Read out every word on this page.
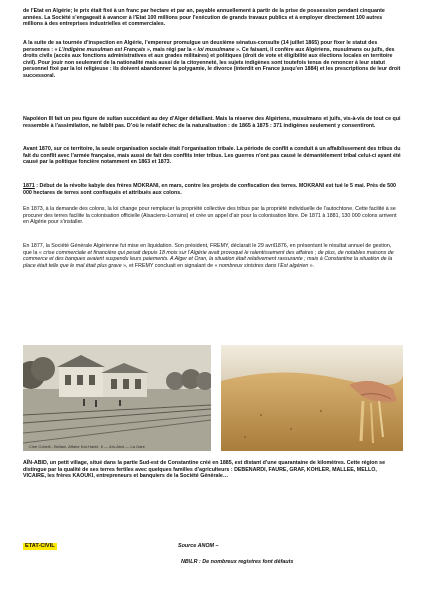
de l’Etat en Algérie; le prix était fixé à un franc par hectare et par an, payable annuellement à partir de la prise de possession pendant cinquante années. La Société s’engageait à avancer à l’Etat 100 millions pour l’exécution de grands travaux publics et à employer directement 100 autres millions à des entreprises industrielles et commerciales.

A la suite de sa tournée d’inspection en Algérie, l’empereur promulgue un deuxième sénatus-consulte (14 juillet 1865) pour fixer le statut des personnes : « L’indigène musulman est Français », mais régi par la « loi musulmane ». Ce faisant, il confère aux Algériens, musulmans ou juifs, des droits civils (accès aux fonctions administratives et aux grades militaires) et politiques (droit de vote et éligibilité aux élections locales en territoire civil). Pour jouir non seulement de la nationalité mais aussi de la citoyenneté, les sujets indigènes sont toutefois tenus de renoncer à leur statut personnel fixé par la loi religieuse : ils doivent abandonner la polygamie, le divorce (interdit en France jusqu’en 1884) et les prescriptions de leur droit successoral.

Napoléon III fait un peu figure de sultan succédant au dey d’Alger défaillant. Mais la réserve des Algériens, musulmans et juifs, vis-à-vis de tout ce qui ressemble à l’assimilation, ne faiblit pas. D’où le relatif échec de la naturalisation : de 1865 à 1875 : 371 indigènes seulement y consentiront.

Avant 1870, sur ce territoire, la seule organisation sociale était l’organisation tribale. La période de conflit a conduit à un affaiblissement des tribus du fait du conflit avec l’armée française, mais aussi de fait des conflits inter tribus. Les guerres n’ont pas causé le démantèlement tribal celui-ci ayant été causé par la politique foncière notamment en 1863 et 1873.

1871 : Début de la révolte kabyle des frères MOKRANI, en mars, contre les projets de confiscation des terres. MOKRANI est tué le 5 mai. Près de 500 000 hectares de terres sont confisqués et attribués aux colons.

En 1873, à la demande des colons, la loi change pour remplacer la propriété collective des tribus par la propriété individuelle de l’autochtone. Cette facilité à se procurer des terres facilite la colonisation officielle (Alsaciens-Lorrains) et crée un appel d’air pour la colonisation libre. De 1871 à 1881, 130 000 colons arrivent en Algérie pour s’installer.

En 1877, la Société Générale Algérienne fut mise en liquidation. Son président, FREMY, déclarait le 29 avril1876, en présentant le résultat annuel de gestion, que la « crise commerciale et financière qui pesait depuis 18 mois sur l’Algérie avait provoqué le ralentissement des affaires ; de plus, de notables maisons de commerce et des banques avaient suspendu leurs paiements. A Alger et Oran, la situation était relativement rassurante ; mais à Constantine la situation de la place était telle que le mal était plus grave », et FREMY concluait en signalant de « nombreux sinistres dans l’Est algérien ».

Ciné Cobelli - Bellani. Affaire Kat-Hanlé. 6 — Aïn-Abid — La Gare

AÏN-ABID, un petit village, situé dans la partie Sud-est de Constantine créé en 1885, est distant d’une quarantaine de kilomètres. Cette région se distingue par la qualité de ses terres fertiles avec quelques familles d’agriculteurs : DEBENARDI, FAURE, GRAF, KOHLER, MALLEE, MELLO, VICAIRE, les frères KAOUKI, entrepreneurs et banquiers de la Société Générale…

ETAT-CIVIL	Source ANOM –
NB\LR : De nombreux registres font défauts
